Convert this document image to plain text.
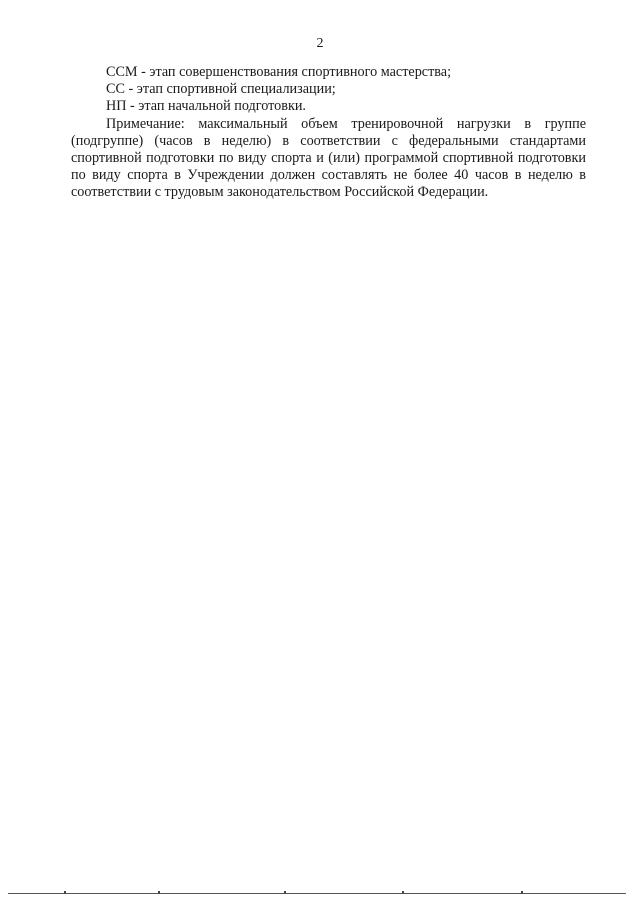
2

ССМ - этап совершенствования спортивного мастерства;

СС - этап спортивной специализации;

НП - этап начальной подготовки.

Примечание: максимальный объем тренировочной нагрузки в группе (подгруппе) (часов в неделю) в соответствии с федеральными стандартами спортивной подготовки по виду спорта и (или) программой спортивной подготовки по виду спорта в Учреждении должен составлять не более 40 часов в неделю в соответствии с трудовым законодательством Российской Федерации.
